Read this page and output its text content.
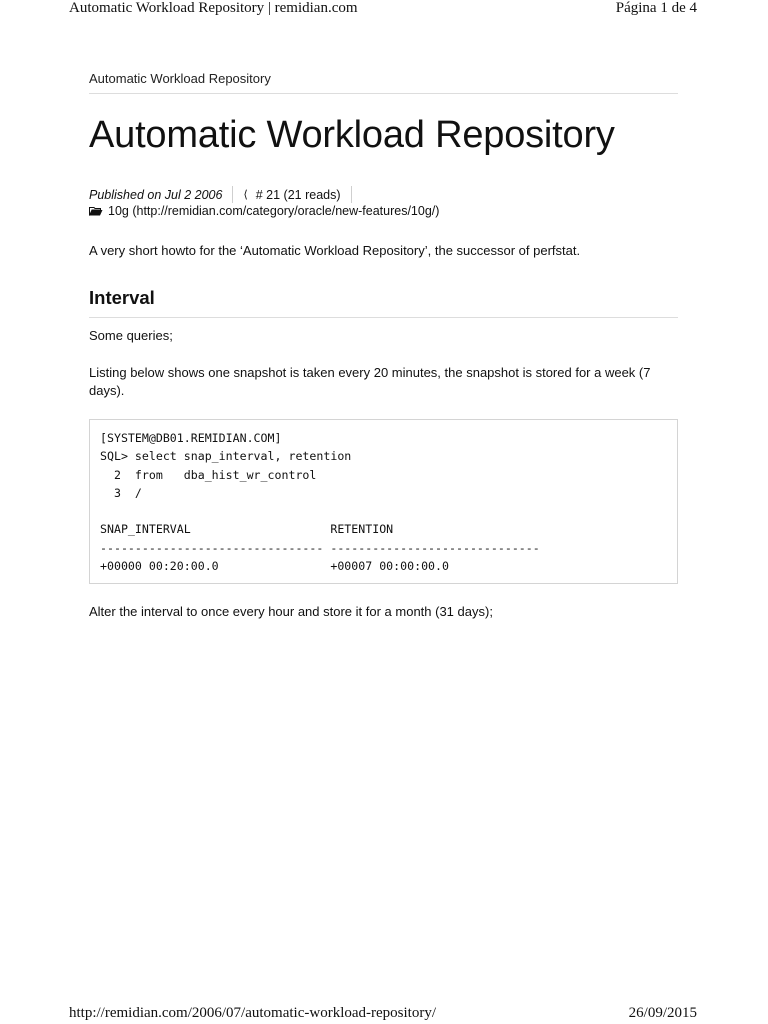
Automatic Workload Repository | remidian.com	Página 1 de 4
Automatic Workload Repository
Automatic Workload Repository
Published on Jul 2 2006 ⟨ # 21 (21 reads)
10g (http://remidian.com/category/oracle/new-features/10g/)

A very short howto for the ‘Automatic Workload Repository’, the successor of perfstat.

Interval

Some queries;

Listing below shows one snapshot is taken every 20 minutes, the snapshot is stored for a week (7 days).

[SYSTEM@DB01.REMIDIAN.COM]
SQL> select snap_interval, retention
2  from   dba_hist_wr_control
3  /

SNAP_INTERVAL                    RETENTION
-------------------------------- ------------------------------
+00000 00:20:00.0                +00007 00:00:00.0

Alter the interval to once every hour and store it for a month (31 days);

http://remidian.com/2006/07/automatic-workload-repository/	26/09/2015
